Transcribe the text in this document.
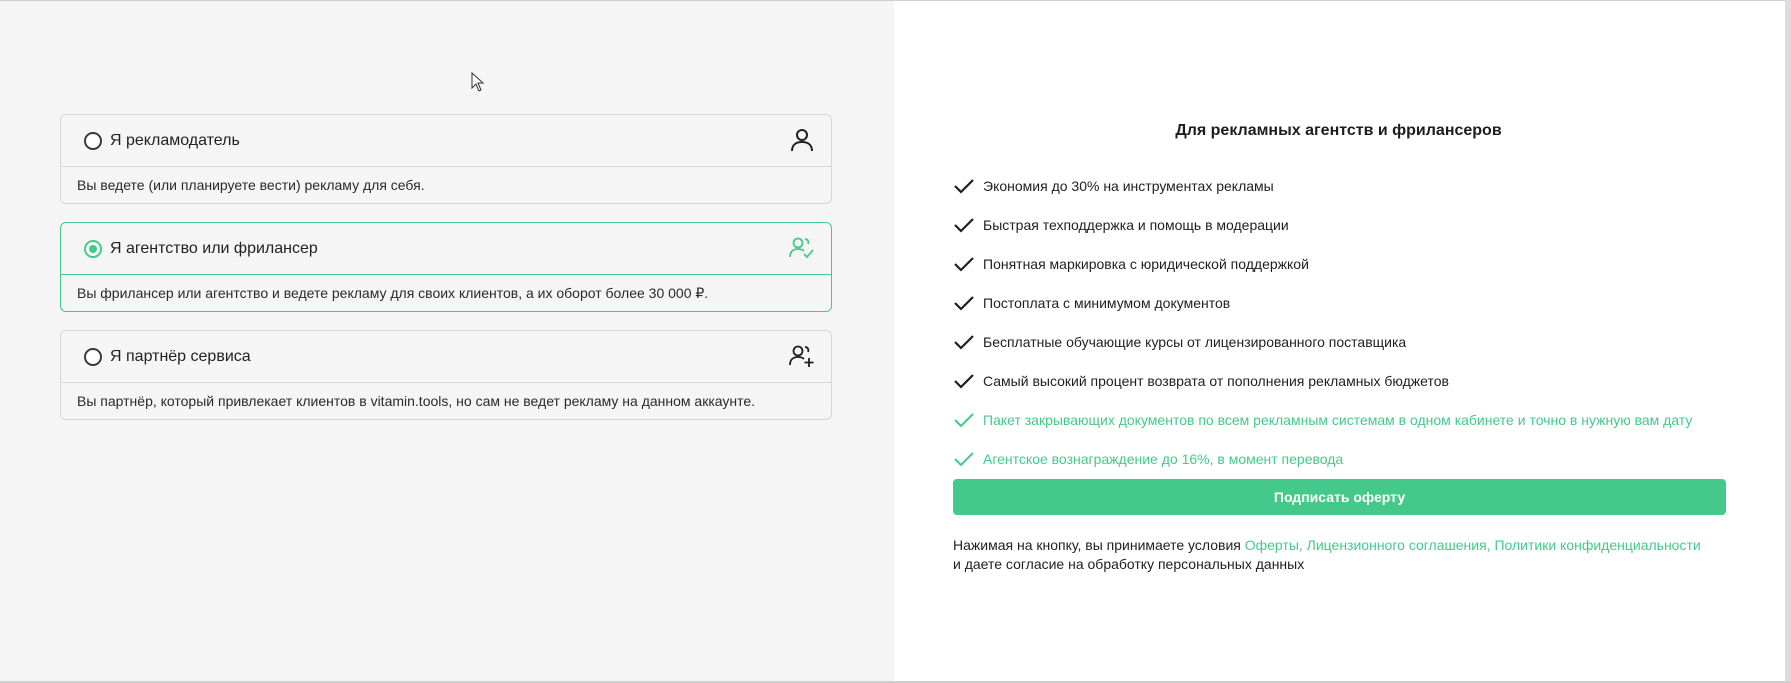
Я рекламодатель
Вы ведете (или планируете вести) рекламу для себя.
Я агентство или фрилансер
Вы фрилансер или агентство и ведете рекламу для своих клиентов, а их оборот более 30 000 ₽.
Я партнёр сервиса
Вы партнёр, который привлекает клиентов в vitamin.tools, но сам не ведет рекламу на данном аккаунте.
Для рекламных агентств и фрилансеров
Экономия до 30% на инструментах рекламы
Быстрая техподдержка и помощь в модерации
Понятная маркировка с юридической поддержкой
Постоплата с минимумом документов
Бесплатные обучающие курсы от лицензированного поставщика
Самый высокий процент возврата от пополнения рекламных бюджетов
Пакет закрывающих документов по всем рекламным системам в одном кабинете и точно в нужную вам дату
Агентское вознаграждение до 16%, в момент перевода
Подписать оферту
Нажимая на кнопку, вы принимаете условия Оферты, Лицензионного соглашения, Политики конфиденциальности
и даете согласие на обработку персональных данных
